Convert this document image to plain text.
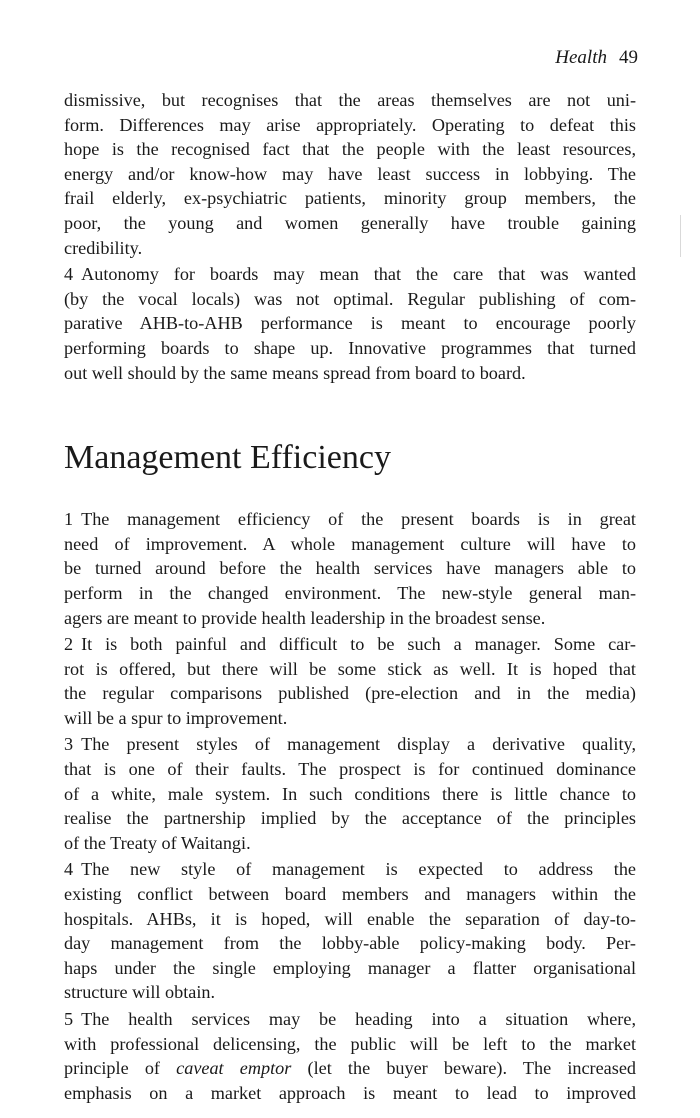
Health 49
dismissive, but recognises that the areas themselves are not uni-
form. Differences may arise appropriately. Operating to defeat this
hope is the recognised fact that the people with the least resources,
energy and/or know-how may have least success in lobbying. The
frail elderly, ex-psychiatric patients, minority group members, the
poor, the young and women generally have trouble gaining
credibility.
4 Autonomy for boards may mean that the care that was wanted
(by the vocal locals) was not optimal. Regular publishing of com-
parative AHB-to-AHB performance is meant to encourage poorly
performing boards to shape up. Innovative programmes that turned
out well should by the same means spread from board to board.
Management Efficiency
1 The management efficiency of the present boards is in great
need of improvement. A whole management culture will have to
be turned around before the health services have managers able to
perform in the changed environment. The new-style general man-
agers are meant to provide health leadership in the broadest sense.
2 It is both painful and difficult to be such a manager. Some car-
rot is offered, but there will be some stick as well. It is hoped that
the regular comparisons published (pre-election and in the media)
will be a spur to improvement.
3 The present styles of management display a derivative quality,
that is one of their faults. The prospect is for continued dominance
of a white, male system. In such conditions there is little chance to
realise the partnership implied by the acceptance of the principles
of the Treaty of Waitangi.
4 The new style of management is expected to address the
existing conflict between board members and managers within the
hospitals. AHBs, it is hoped, will enable the separation of day-to-
day management from the lobby-able policy-making body. Per-
haps under the single employing manager a flatter organisational
structure will obtain.
5 The health services may be heading into a situation where,
with professional delicensing, the public will be left to the market
principle of caveat emptor (let the buyer beware). The increased
emphasis on a market approach is meant to lead to improved
